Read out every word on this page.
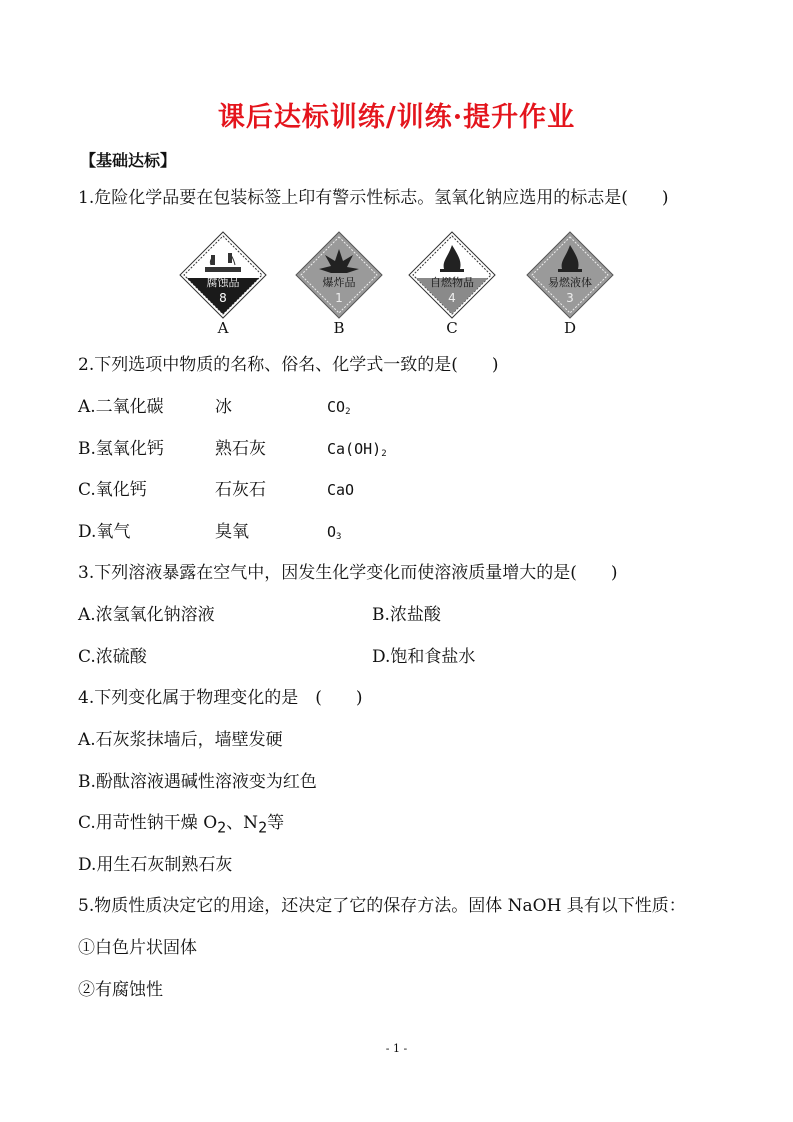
课后达标训练/训练·提升作业
【基础达标】
1.危险化学品要在包装标签上印有警示性标志。氢氧化钠应选用的标志是(　　)
腐蚀品
8
爆炸品
1
自燃物品
4
易燃液体
3
A	B	C	D
2.下列选项中物质的名称、俗名、化学式一致的是(　　)
A.二氧化碳	冰	$CO_2$
B.氢氧化钙	熟石灰	$Ca(OH)_2$
C.氧化钙	石灰石	CaO
D.氧气	臭氧	$O_3$
3.下列溶液暴露在空气中，因发生化学变化而使溶液质量增大的是(　　)
A.浓氢氧化钠溶液	B.浓盐酸
C.浓硫酸	D.饱和食盐水
4.下列变化属于物理变化的是　(　　)
A.石灰浆抹墙后，墙壁发硬
B.酚酞溶液遇碱性溶液变为红色
C.用苛性钠干燥 $O_2$、$N_2$等
D.用生石灰制熟石灰
5.物质性质决定它的用途，还决定了它的保存方法。固体 NaOH 具有以下性质：
①白色片状固体
②有腐蚀性
- 1 -
